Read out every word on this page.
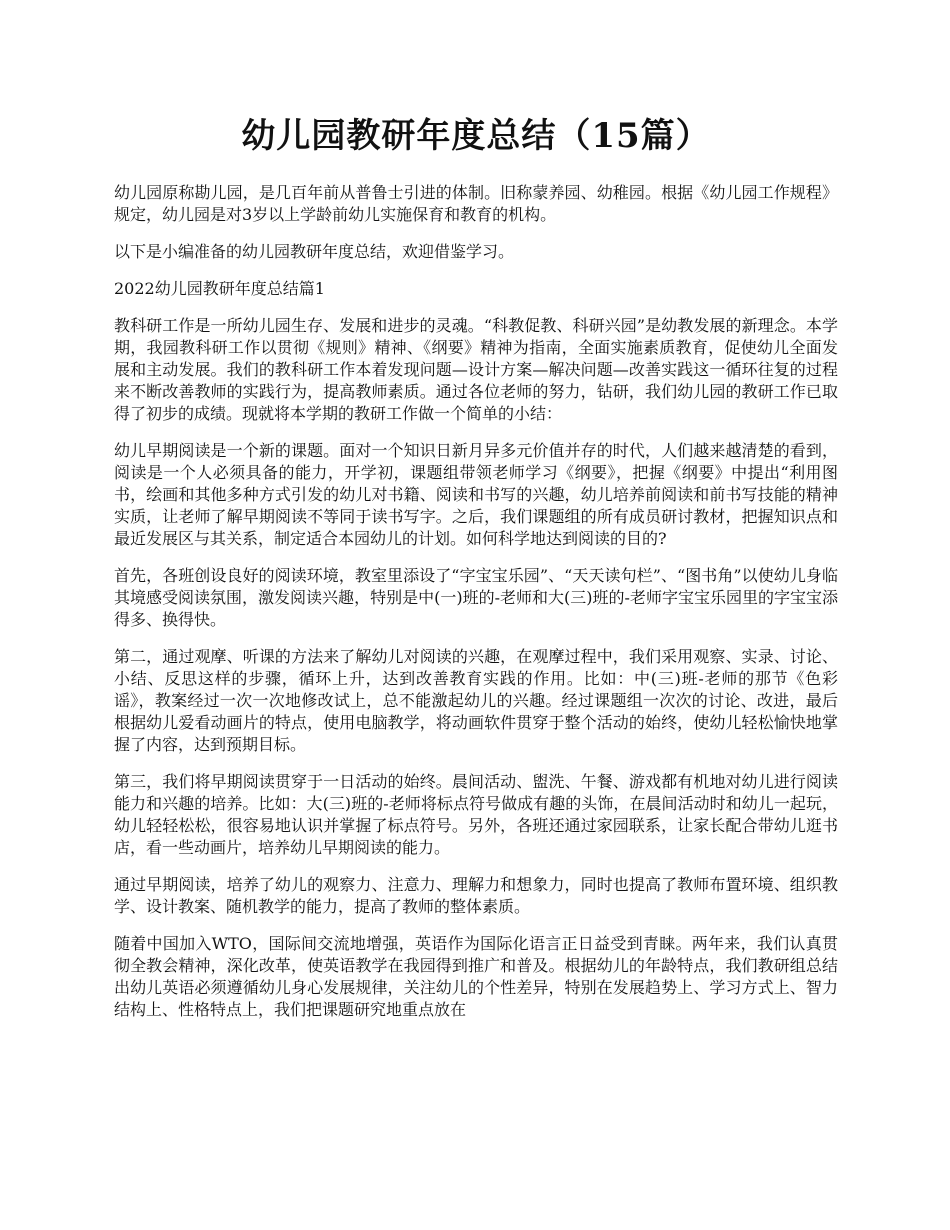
幼儿园教研年度总结（15篇）

幼儿园原称勘儿园，是几百年前从普鲁士引进的体制。旧称蒙养园、幼稚园。根据《幼儿园工作规程》规定，幼儿园是对3岁以上学龄前幼儿实施保育和教育的机构。

以下是小编准备的幼儿园教研年度总结，欢迎借鉴学习。

2022幼儿园教研年度总结篇1

教科研工作是一所幼儿园生存、发展和进步的灵魂。“科教促教、科研兴园”是幼教发展的新理念。本学期，我园教科研工作以贯彻《规则》精神、《纲要》精神为指南，全面实施素质教育，促使幼儿全面发展和主动发展。我们的教科研工作本着发现问题—设计方案—解决问题—改善实践这一循环往复的过程来不断改善教师的实践行为，提高教师素质。通过各位老师的努力，钻研，我们幼儿园的教研工作已取得了初步的成绩。现就将本学期的教研工作做一个简单的小结：

幼儿早期阅读是一个新的课题。面对一个知识日新月异多元价值并存的时代，人们越来越清楚的看到，阅读是一个人必须具备的能力，开学初，课题组带领老师学习《纲要》，把握《纲要》中提出“利用图书，绘画和其他多种方式引发的幼儿对书籍、阅读和书写的兴趣，幼儿培养前阅读和前书写技能的精神实质，让老师了解早期阅读不等同于读书写字。之后，我们课题组的所有成员研讨教材，把握知识点和最近发展区与其关系，制定适合本园幼儿的计划。如何科学地达到阅读的目的?

首先，各班创设良好的阅读环境，教室里添设了“字宝宝乐园”、“天天读句栏”、“图书角”以使幼儿身临其境感受阅读氛围，激发阅读兴趣，特别是中(一)班的-老师和大(三)班的-老师字宝宝乐园里的字宝宝添得多、换得快。

第二，通过观摩、听课的方法来了解幼儿对阅读的兴趣，在观摩过程中，我们采用观察、实录、讨论、小结、反思这样的步骤，循环上升，达到改善教育实践的作用。比如：中(三)班-老师的那节《色彩谣》，教案经过一次一次地修改试上，总不能激起幼儿的兴趣。经过课题组一次次的讨论、改进，最后根据幼儿爱看动画片的特点，使用电脑教学，将动画软件贯穿于整个活动的始终，使幼儿轻松愉快地掌握了内容，达到预期目标。

第三，我们将早期阅读贯穿于一日活动的始终。晨间活动、盥洗、午餐、游戏都有机地对幼儿进行阅读能力和兴趣的培养。比如：大(三)班的-老师将标点符号做成有趣的头饰，在晨间活动时和幼儿一起玩，幼儿轻轻松松，很容易地认识并掌握了标点符号。另外，各班还通过家园联系，让家长配合带幼儿逛书店，看一些动画片，培养幼儿早期阅读的能力。

通过早期阅读，培养了幼儿的观察力、注意力、理解力和想象力，同时也提高了教师布置环境、组织教学、设计教案、随机教学的能力，提高了教师的整体素质。

随着中国加入WTO，国际间交流地增强，英语作为国际化语言正日益受到青睐。两年来，我们认真贯彻全教会精神，深化改革，使英语教学在我园得到推广和普及。根据幼儿的年龄特点，我们教研组总结出幼儿英语必须遵循幼儿身心发展规律，关注幼儿的个性差异，特别在发展趋势上、学习方式上、智力结构上、性格特点上，我们把课题研究地重点放在
